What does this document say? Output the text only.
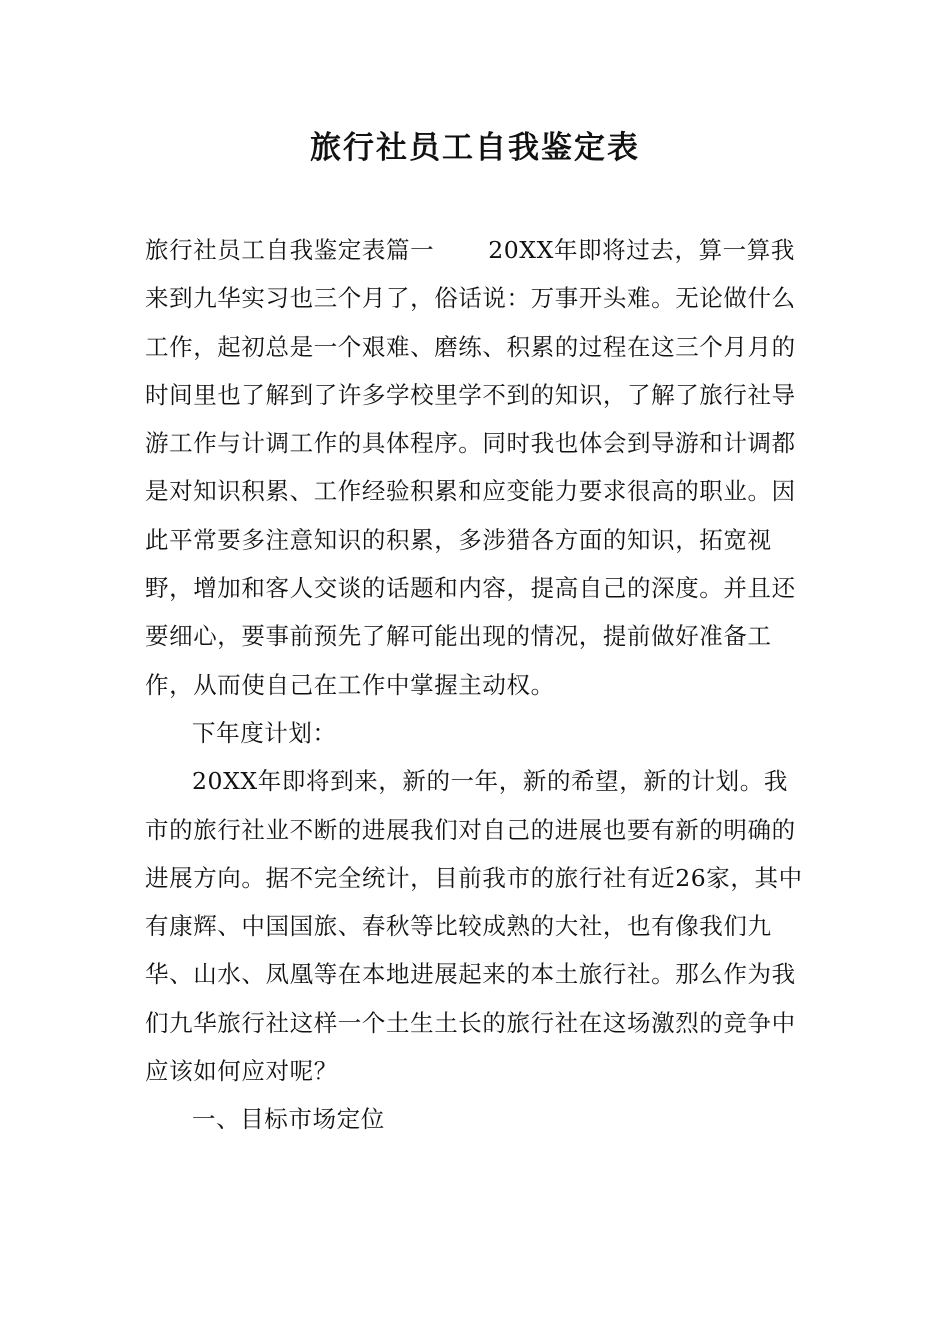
旅行社员工自我鉴定表

旅行社员工自我鉴定表篇一 20XX年即将过去，算一算我来到九华实习也三个月了，俗话说：万事开头难。无论做什么工作，起初总是一个艰难、磨练、积累的过程在这三个月月的时间里也了解到了许多学校里学不到的知识，了解了旅行社导游工作与计调工作的具体程序。同时我也体会到导游和计调都是对知识积累、工作经验积累和应变能力要求很高的职业。因此平常要多注意知识的积累，多涉猎各方面的知识，拓宽视野，增加和客人交谈的话题和内容，提高自己的深度。并且还要细心，要事前预先了解可能出现的情况，提前做好准备工作，从而使自己在工作中掌握主动权。

下年度计划：

20XX年即将到来，新的一年，新的希望，新的计划。我市的旅行社业不断的进展我们对自己的进展也要有新的明确的进展方向。据不完全统计，目前我市的旅行社有近26家，其中有康辉、中国国旅、春秋等比较成熟的大社，也有像我们九华、山水、凤凰等在本地进展起来的本土旅行社。那么作为我们九华旅行社这样一个土生土长的旅行社在这场激烈的竞争中应该如何应对呢？

一、目标市场定位
